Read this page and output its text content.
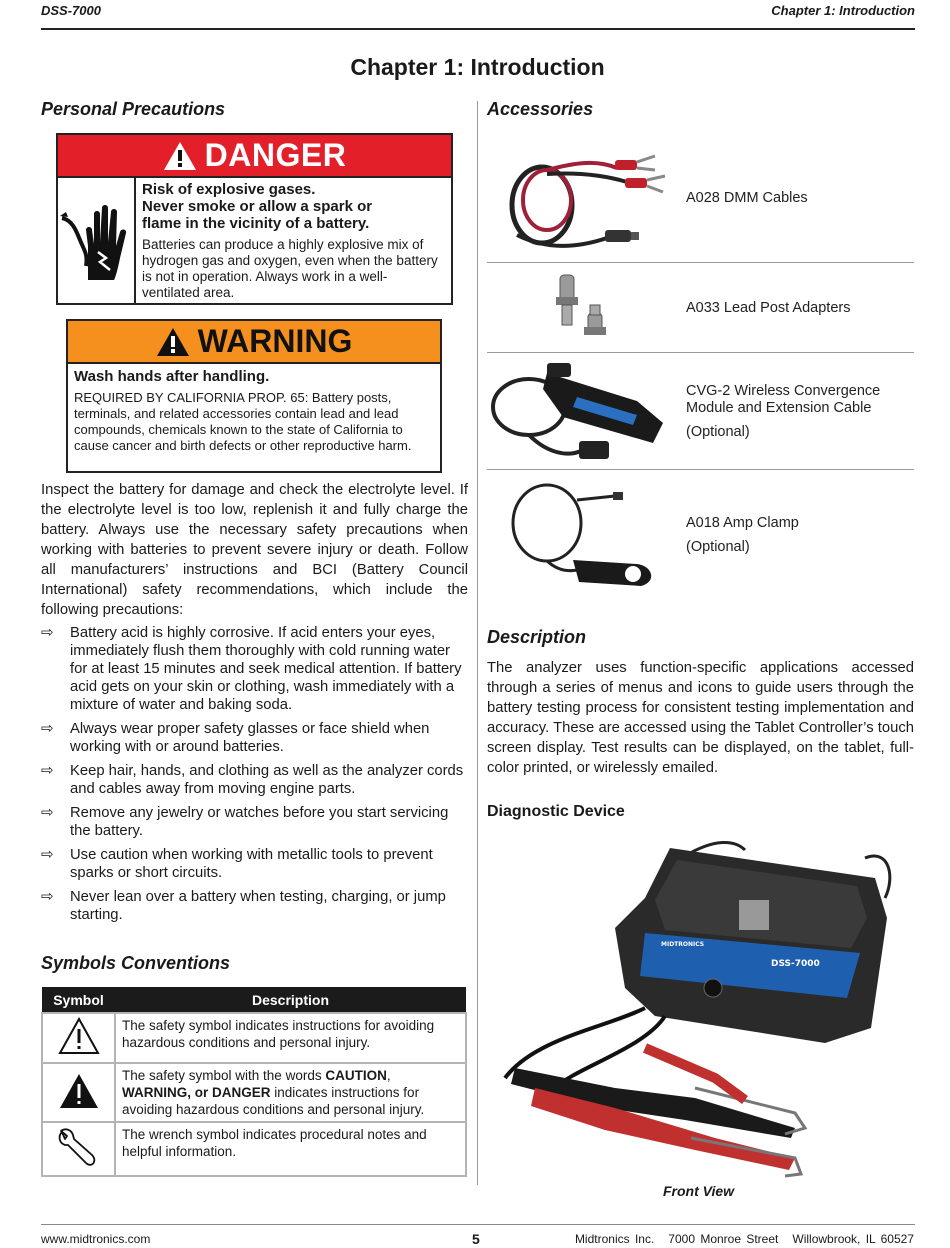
DSS-7000	Chapter 1: Introduction
Chapter 1: Introduction
Personal Precautions
DANGER
Risk of explosive gases.
Never smoke or allow a spark or
flame in the vicinity of a battery.
Batteries can produce a highly explosive mix of hydrogen gas and oxygen, even when the battery is not in operation. Always work in a well-ventilated area.
WARNING
Wash hands after handling.
REQUIRED BY CALIFORNIA PROP. 65: Battery posts, terminals, and related accessories contain lead and lead compounds, chemicals known to the state of California to cause cancer and birth defects or other reproductive harm.
Inspect the battery for damage and check the electrolyte level. If the electrolyte level is too low, replenish it and fully charge the battery. Always use the necessary safety precautions when working with batteries to prevent severe injury or death. Follow all manufacturers’ instructions and BCI (Battery Council International) safety recommendations, which include the following precautions:
⇨	Battery acid is highly corrosive. If acid enters your eyes, immediately flush them thoroughly with cold running water for at least 15 minutes and seek medical attention. If battery acid gets on your skin or clothing, wash immediately with a mixture of water and baking soda.
⇨	Always wear proper safety glasses or face shield when working with or around batteries.
⇨	Keep hair, hands, and clothing as well as the analyzer cords and cables away from moving engine parts.
⇨	Remove any jewelry or watches before you start servicing the battery.
⇨	Use caution when working with metallic tools to prevent sparks or short circuits.
⇨	Never lean over a battery when testing, charging, or jump starting.
Symbols Conventions
Symbol	Description
	The safety symbol indicates instructions for avoiding hazardous conditions and personal injury.
	The safety symbol with the words CAUTION, WARNING, or DANGER indicates instructions for avoiding hazardous conditions and personal injury.
	The wrench symbol indicates procedural notes and helpful information.
Accessories
A028 DMM Cables
A033 Lead Post Adapters
CVG-2 Wireless Convergence Module and Extension Cable
(Optional)
A018 Amp Clamp
(Optional)
Description
The analyzer uses function-specific applications accessed through a series of menus and icons to guide users through the battery testing process for consistent testing implementation and accuracy. These are accessed using the Tablet Controller’s touch screen display. Test results can be displayed, on the tablet, full-color printed, or wirelessly emailed.
Diagnostic Device
DSS-7000
MIDTRONICS
Front View
www.midtronics.com	5	Midtronics Inc. 7000 Monroe Street Willowbrook, IL 60527
